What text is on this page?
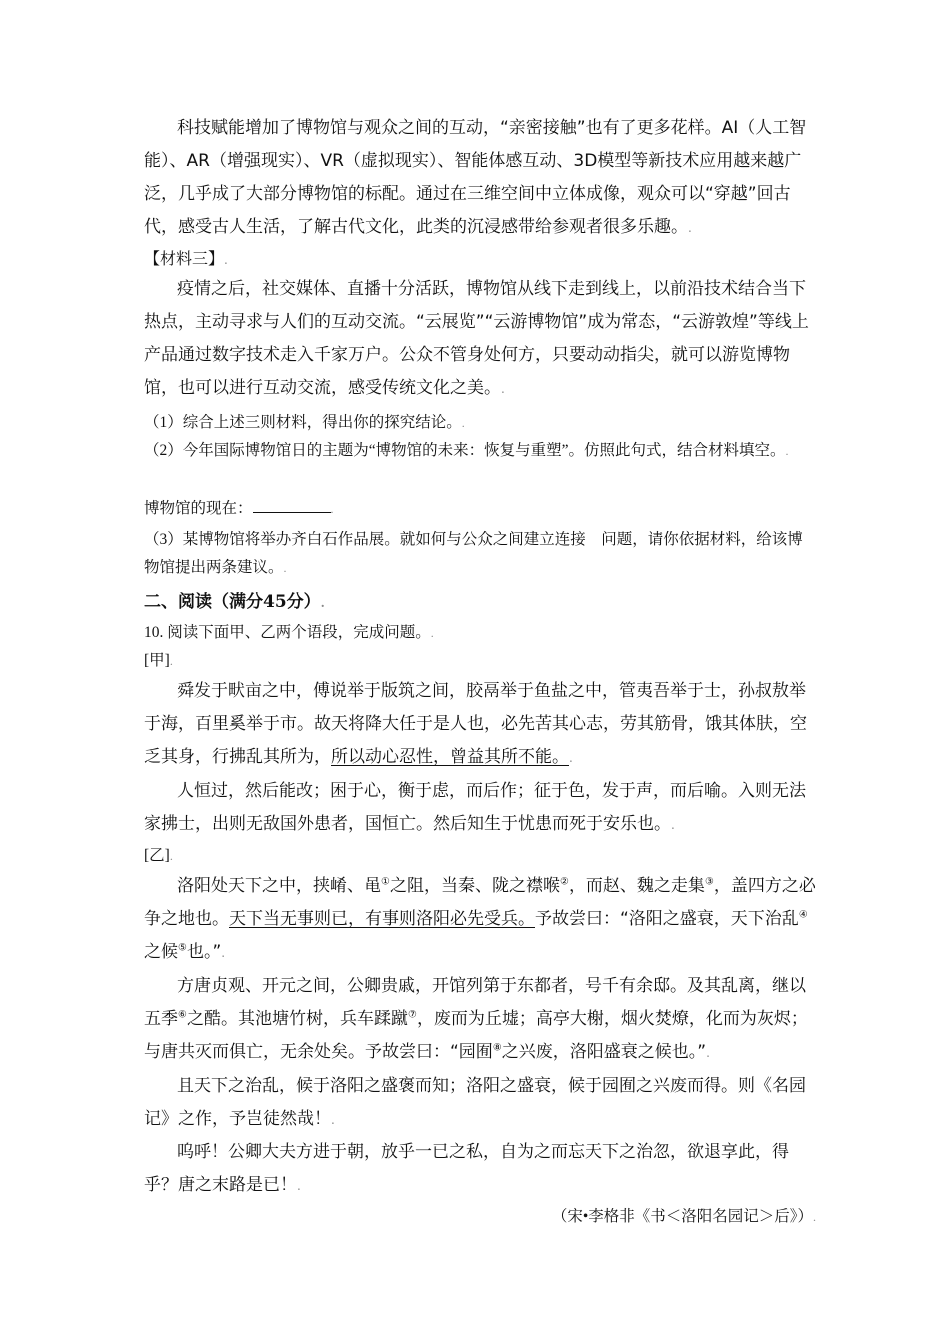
科技赋能增加了博物馆与观众之间的互动，“亲密接触”也有了更多花样。AI（人工智能）、AR（增强现实）、VR（虚拟现实）、智能体感互动、3D模型等新技术应用越来越广泛，几乎成了大部分博物馆的标配。通过在三维空间中立体成像，观众可以“穿越”回古代，感受古人生活，了解古代文化，此类的沉浸感带给参观者很多乐趣。.
【材料三】.
疫情之后，社交媒体、直播十分活跃，博物馆从线下走到线上，以前沿技术结合当下热点，主动寻求与人们的互动交流。“云展览”“云游博物馆”成为常态，“云游敦煌”等线上产品通过数字技术走入千家万户。公众不管身处何方，只要动动指尖，就可以游览博物馆，也可以进行互动交流，感受传统文化之美。.
（1）综合上述三则材料，得出你的探究结论。.
（2）今年国际博物馆日的主题为“博物馆的未来：恢复与重塑”。仿照此句式，结合材料填空。.
博物馆的现在：	.
（3）某博物馆将举办齐白石作品展。就如何与公众之间建立连接　问题，请你依据材料，给该博物馆提出两条建议。.
二、阅读（满分45分）.
10. 阅读下面甲、乙两个语段，完成问题。.
[甲].
舜发于畎亩之中，傅说举于版筑之间，胶鬲举于鱼盐之中，管夷吾举于士，孙叔敖举于海，百里奚举于市。故天将降大任于是人也，必先苦其心志，劳其筋骨，饿其体肤，空乏其身，行拂乱其所为，所以动心忍性，曾益其所不能。.
人恒过，然后能改；困于心，衡于虑，而后作；征于色，发于声，而后喻。入则无法家拂士，出则无敌国外患者，国恒亡。然后知生于忧患而死于安乐也。.
[乙].
洛阳处天下之中，挟崤、黾①之阻，当秦、陇之襟喉②，而赵、魏之走集③，盖四方之必争之地也。天下当无事则已，有事则洛阳必先受兵。予故尝曰：“洛阳之盛衰，天下治乱④之候⑤也。”.
方唐贞观、开元之间，公卿贵戚，开馆列第于东都者，号千有余邸。及其乱离，继以五季⑥之酷。其池塘竹树，兵车蹂蹴⑦，废而为丘墟；高亭大榭，烟火焚燎，化而为灰烬；与唐共灭而俱亡，无余处矣。予故尝曰：“园囿⑧之兴废，洛阳盛衰之候也。”.
且天下之治乱，候于洛阳之盛褒而知；洛阳之盛衰，候于园囿之兴废而得。则《名园记》之作，予岂徒然哉！.
呜呼！公卿大夫方进于朝，放乎一已之私，自为之而忘天下之治忽，欲退享此，得乎？唐之末路是已！.
（宋•李格非《书＜洛阳名园记＞后》）.
